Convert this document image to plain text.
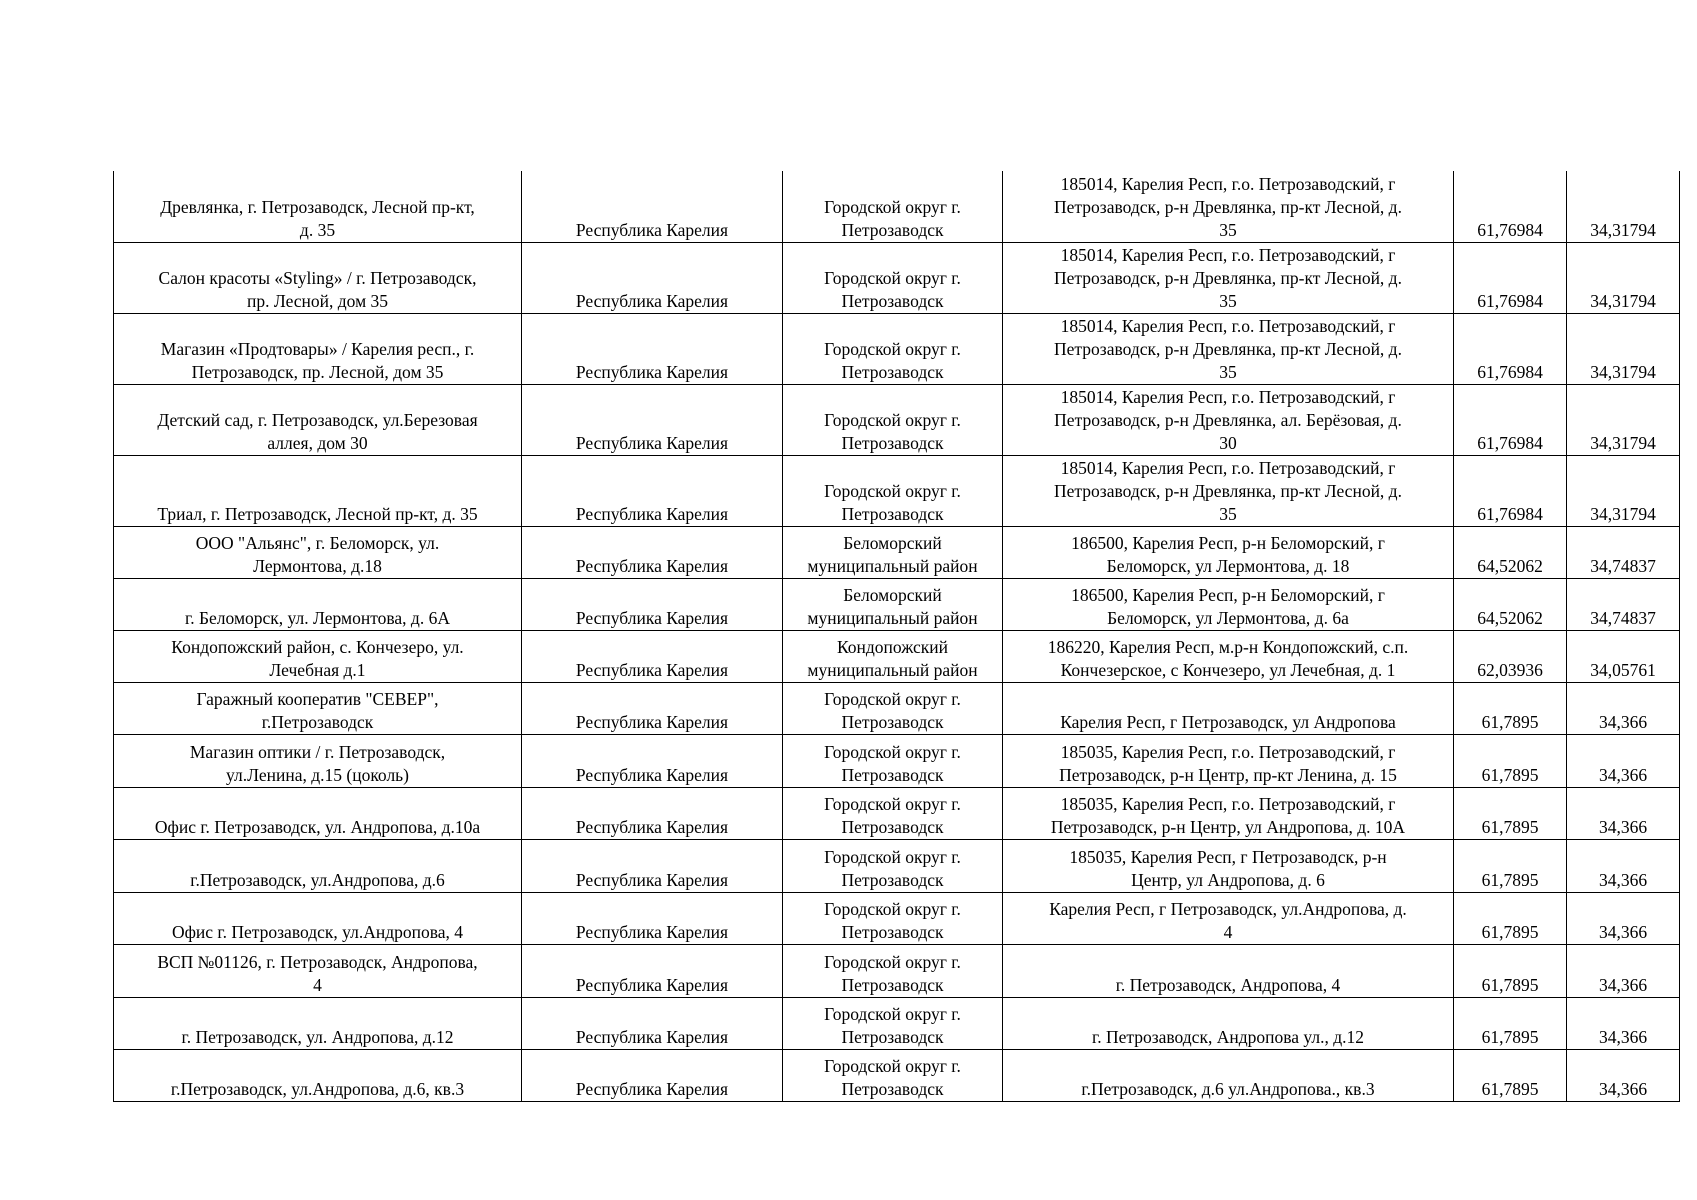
Древлянка, г. Петрозаводск, Лесной пр-кт,
д. 35	Республика Карелия	Городской округ г.
Петрозаводск	185014, Карелия Респ, г.о. Петрозаводский, г
Петрозаводск, р-н Древлянка, пр-кт Лесной, д.
35	61,76984	34,31794
Салон красоты «Styling» / г. Петрозаводск,
пр. Лесной, дом 35	Республика Карелия	Городской округ г.
Петрозаводск	185014, Карелия Респ, г.о. Петрозаводский, г
Петрозаводск, р-н Древлянка, пр-кт Лесной, д.
35	61,76984	34,31794
Магазин «Продтовары» / Карелия респ., г.
Петрозаводск, пр. Лесной, дом 35	Республика Карелия	Городской округ г.
Петрозаводск	185014, Карелия Респ, г.о. Петрозаводский, г
Петрозаводск, р-н Древлянка, пр-кт Лесной, д.
35	61,76984	34,31794
Детский сад, г. Петрозаводск, ул.Березовая
аллея, дом 30	Республика Карелия	Городской округ г.
Петрозаводск	185014, Карелия Респ, г.о. Петрозаводский, г
Петрозаводск, р-н Древлянка, ал. Берёзовая, д.
30	61,76984	34,31794
Триал, г. Петрозаводск, Лесной пр-кт, д. 35	Республика Карелия	Городской округ г.
Петрозаводск	185014, Карелия Респ, г.о. Петрозаводский, г
Петрозаводск, р-н Древлянка, пр-кт Лесной, д.
35	61,76984	34,31794
ООО "Альянс", г. Беломорск, ул.
Лермонтова, д.18	Республика Карелия	Беломорский
муниципальный район	186500, Карелия Респ, р-н Беломорский, г
Беломорск, ул Лермонтова, д. 18	64,52062	34,74837
г. Беломорск, ул. Лермонтова, д. 6А	Республика Карелия	Беломорский
муниципальный район	186500, Карелия Респ, р-н Беломорский, г
Беломорск, ул Лермонтова, д. 6а	64,52062	34,74837
Кондопожский район, с. Кончезеро, ул.
Лечебная д.1	Республика Карелия	Кондопожский
муниципальный район	186220, Карелия Респ, м.р-н Кондопожский, с.п.
Кончезерское, с Кончезеро, ул Лечебная, д. 1	62,03936	34,05761
Гаражный кооператив "СЕВЕР",
г.Петрозаводск	Республика Карелия	Городской округ г.
Петрозаводск	Карелия Респ, г Петрозаводск, ул Андропова	61,7895	34,366
Магазин оптики / г. Петрозаводск,
ул.Ленина, д.15 (цоколь)	Республика Карелия	Городской округ г.
Петрозаводск	185035, Карелия Респ, г.о. Петрозаводский, г
Петрозаводск, р-н Центр, пр-кт Ленина, д. 15	61,7895	34,366
Офис г. Петрозаводск, ул. Андропова, д.10а	Республика Карелия	Городской округ г.
Петрозаводск	185035, Карелия Респ, г.о. Петрозаводский, г
Петрозаводск, р-н Центр, ул Андропова, д. 10А	61,7895	34,366
г.Петрозаводск, ул.Андропова, д.6	Республика Карелия	Городской округ г.
Петрозаводск	185035, Карелия Респ, г Петрозаводск, р-н
Центр, ул Андропова, д. 6	61,7895	34,366
Офис г. Петрозаводск, ул.Андропова, 4	Республика Карелия	Городской округ г.
Петрозаводск	Карелия Респ, г Петрозаводск, ул.Андропова, д.
4	61,7895	34,366
ВСП №01126, г. Петрозаводск, Андропова,
4	Республика Карелия	Городской округ г.
Петрозаводск	г. Петрозаводск, Андропова, 4	61,7895	34,366
г. Петрозаводск, ул. Андропова, д.12	Республика Карелия	Городской округ г.
Петрозаводск	г. Петрозаводск, Андропова ул., д.12	61,7895	34,366
г.Петрозаводск, ул.Андропова, д.6, кв.3	Республика Карелия	Городской округ г.
Петрозаводск	г.Петрозаводск, д.6 ул.Андропова., кв.3	61,7895	34,366
